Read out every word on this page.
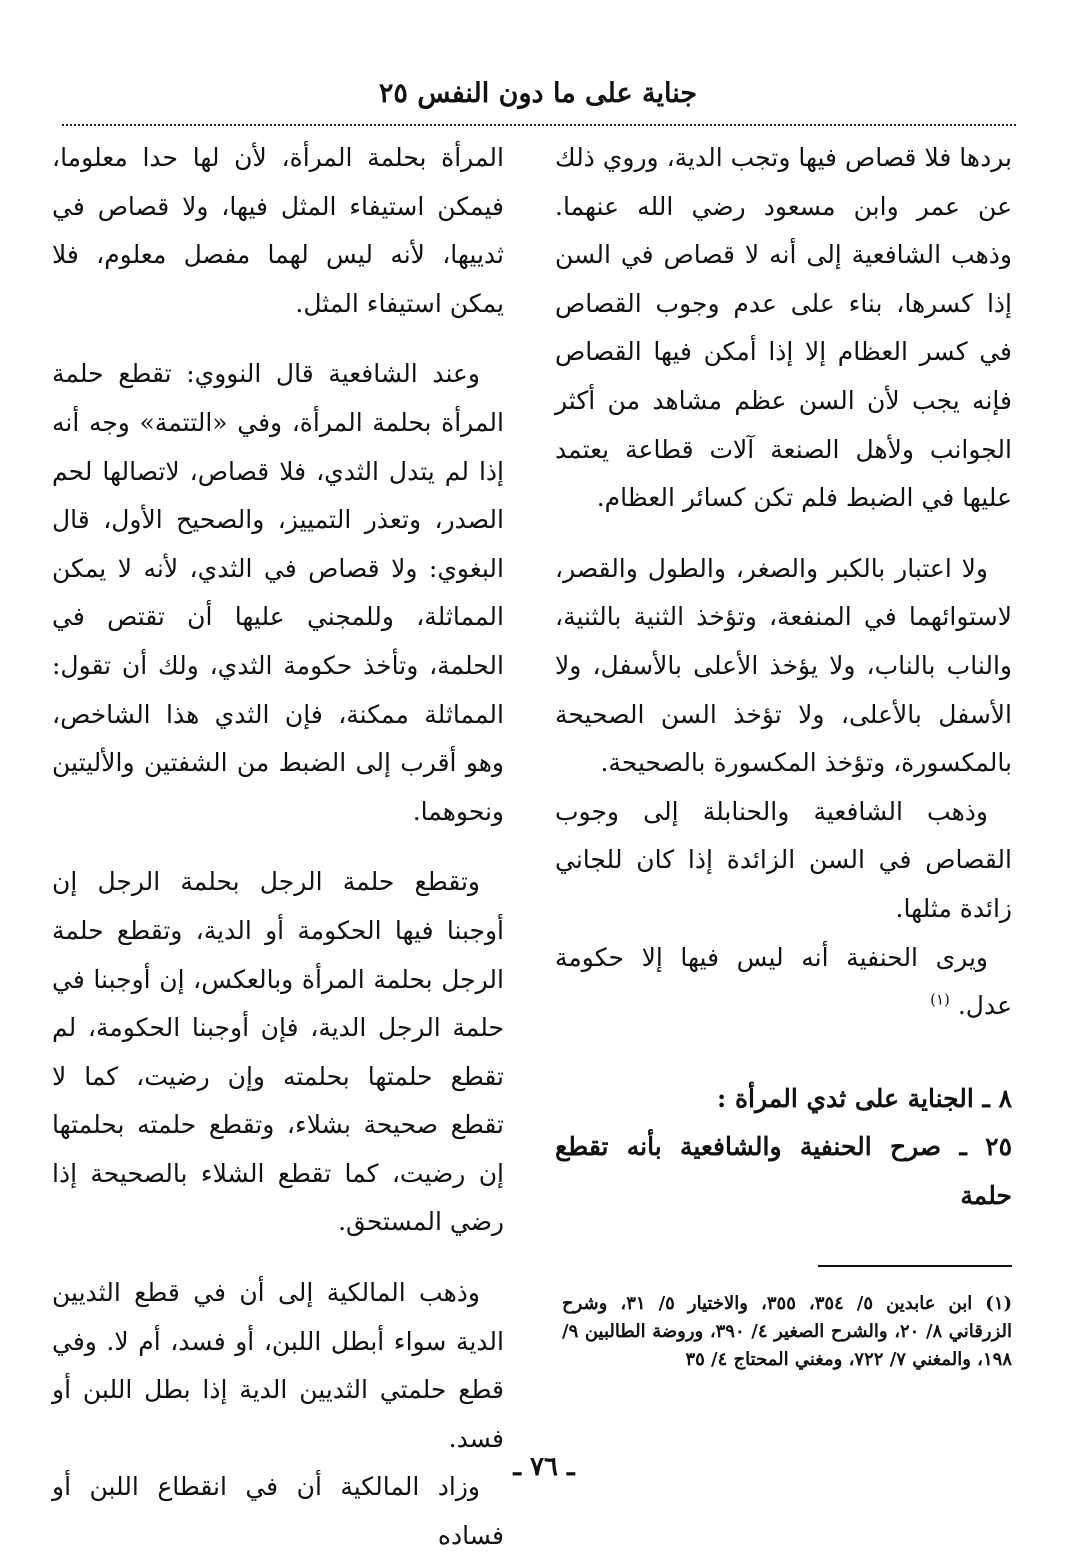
جناية على ما دون النفس ٢٥

بردها فلا قصاص فيها وتجب الدية، وروي ذلك عن عمر وابن مسعود رضي الله عنهما. وذهب الشافعية إلى أنه لا قصاص في السن إذا كسرها، بناء على عدم وجوب القصاص في كسر العظام إلا إذا أمكن فيها القصاص فإنه يجب لأن السن عظم مشاهد من أكثر الجوانب ولأهل الصنعة آلات قطاعة يعتمد عليها في الضبط فلم تكن كسائر العظام.

ولا اعتبار بالكبر والصغر، والطول والقصر، لاستوائهما في المنفعة، وتؤخذ الثنية بالثنية، والناب بالناب، ولا يؤخذ الأعلى بالأسفل، ولا الأسفل بالأعلى، ولا تؤخذ السن الصحيحة بالمكسورة، وتؤخذ المكسورة بالصحيحة.

وذهب الشافعية والحنابلة إلى وجوب القصاص في السن الزائدة إذا كان للجاني زائدة مثلها.

ويرى الحنفية أنه ليس فيها إلا حكومة عدل. $^{(١)}$

٨ ـ الجناية على ثدي المرأة :

٢٥ ـ صرح الحنفية والشافعية بأنه تقطع حلمة

المرأة بحلمة المرأة، لأن لها حدا معلوما، فيمكن استيفاء المثل فيها، ولا قصاص في ثدييها، لأنه ليس لهما مفصل معلوم، فلا يمكن استيفاء المثل.

وعند الشافعية قال النووي: تقطع حلمة المرأة بحلمة المرأة، وفي «التتمة» وجه أنه إذا لم يتدل الثدي، فلا قصاص، لاتصالها لحم الصدر، وتعذر التمييز، والصحيح الأول، قال البغوي: ولا قصاص في الثدي، لأنه لا يمكن المماثلة، وللمجني عليها أن تقتص في الحلمة، وتأخذ حكومة الثدي، ولك أن تقول: المماثلة ممكنة، فإن الثدي هذا الشاخص، وهو أقرب إلى الضبط من الشفتين والأليتين ونحوهما.

وتقطع حلمة الرجل بحلمة الرجل إن أوجبنا فيها الحكومة أو الدية، وتقطع حلمة الرجل بحلمة المرأة وبالعكس، إن أوجبنا في حلمة الرجل الدية، فإن أوجبنا الحكومة، لم تقطع حلمتها بحلمته وإن رضيت، كما لا تقطع صحيحة بشلاء، وتقطع حلمته بحلمتها إن رضيت، كما تقطع الشلاء بالصحيحة إذا رضي المستحق.

وذهب المالكية إلى أن في قطع الثديين الدية سواء أبطل اللبن، أو فسد، أم لا. وفي قطع حلمتي الثديين الدية إذا بطل اللبن أو فسد.

وزاد المالكية أن في انقطاع اللبن أو فساده

(١) ابن عابدين ٥/ ٣٥٤، ٣٥٥، والاختيار ٥/ ٣١، وشرح الزرقاني ٨/ ٢٠، والشرح الصغير ٤/ ٣٩٠، وروضة الطالبين ٩/ ١٩٨، والمغني ٧/ ٧٢٢، ومغني المحتاج ٤/ ٣٥

ـ ٧٦ ـ
